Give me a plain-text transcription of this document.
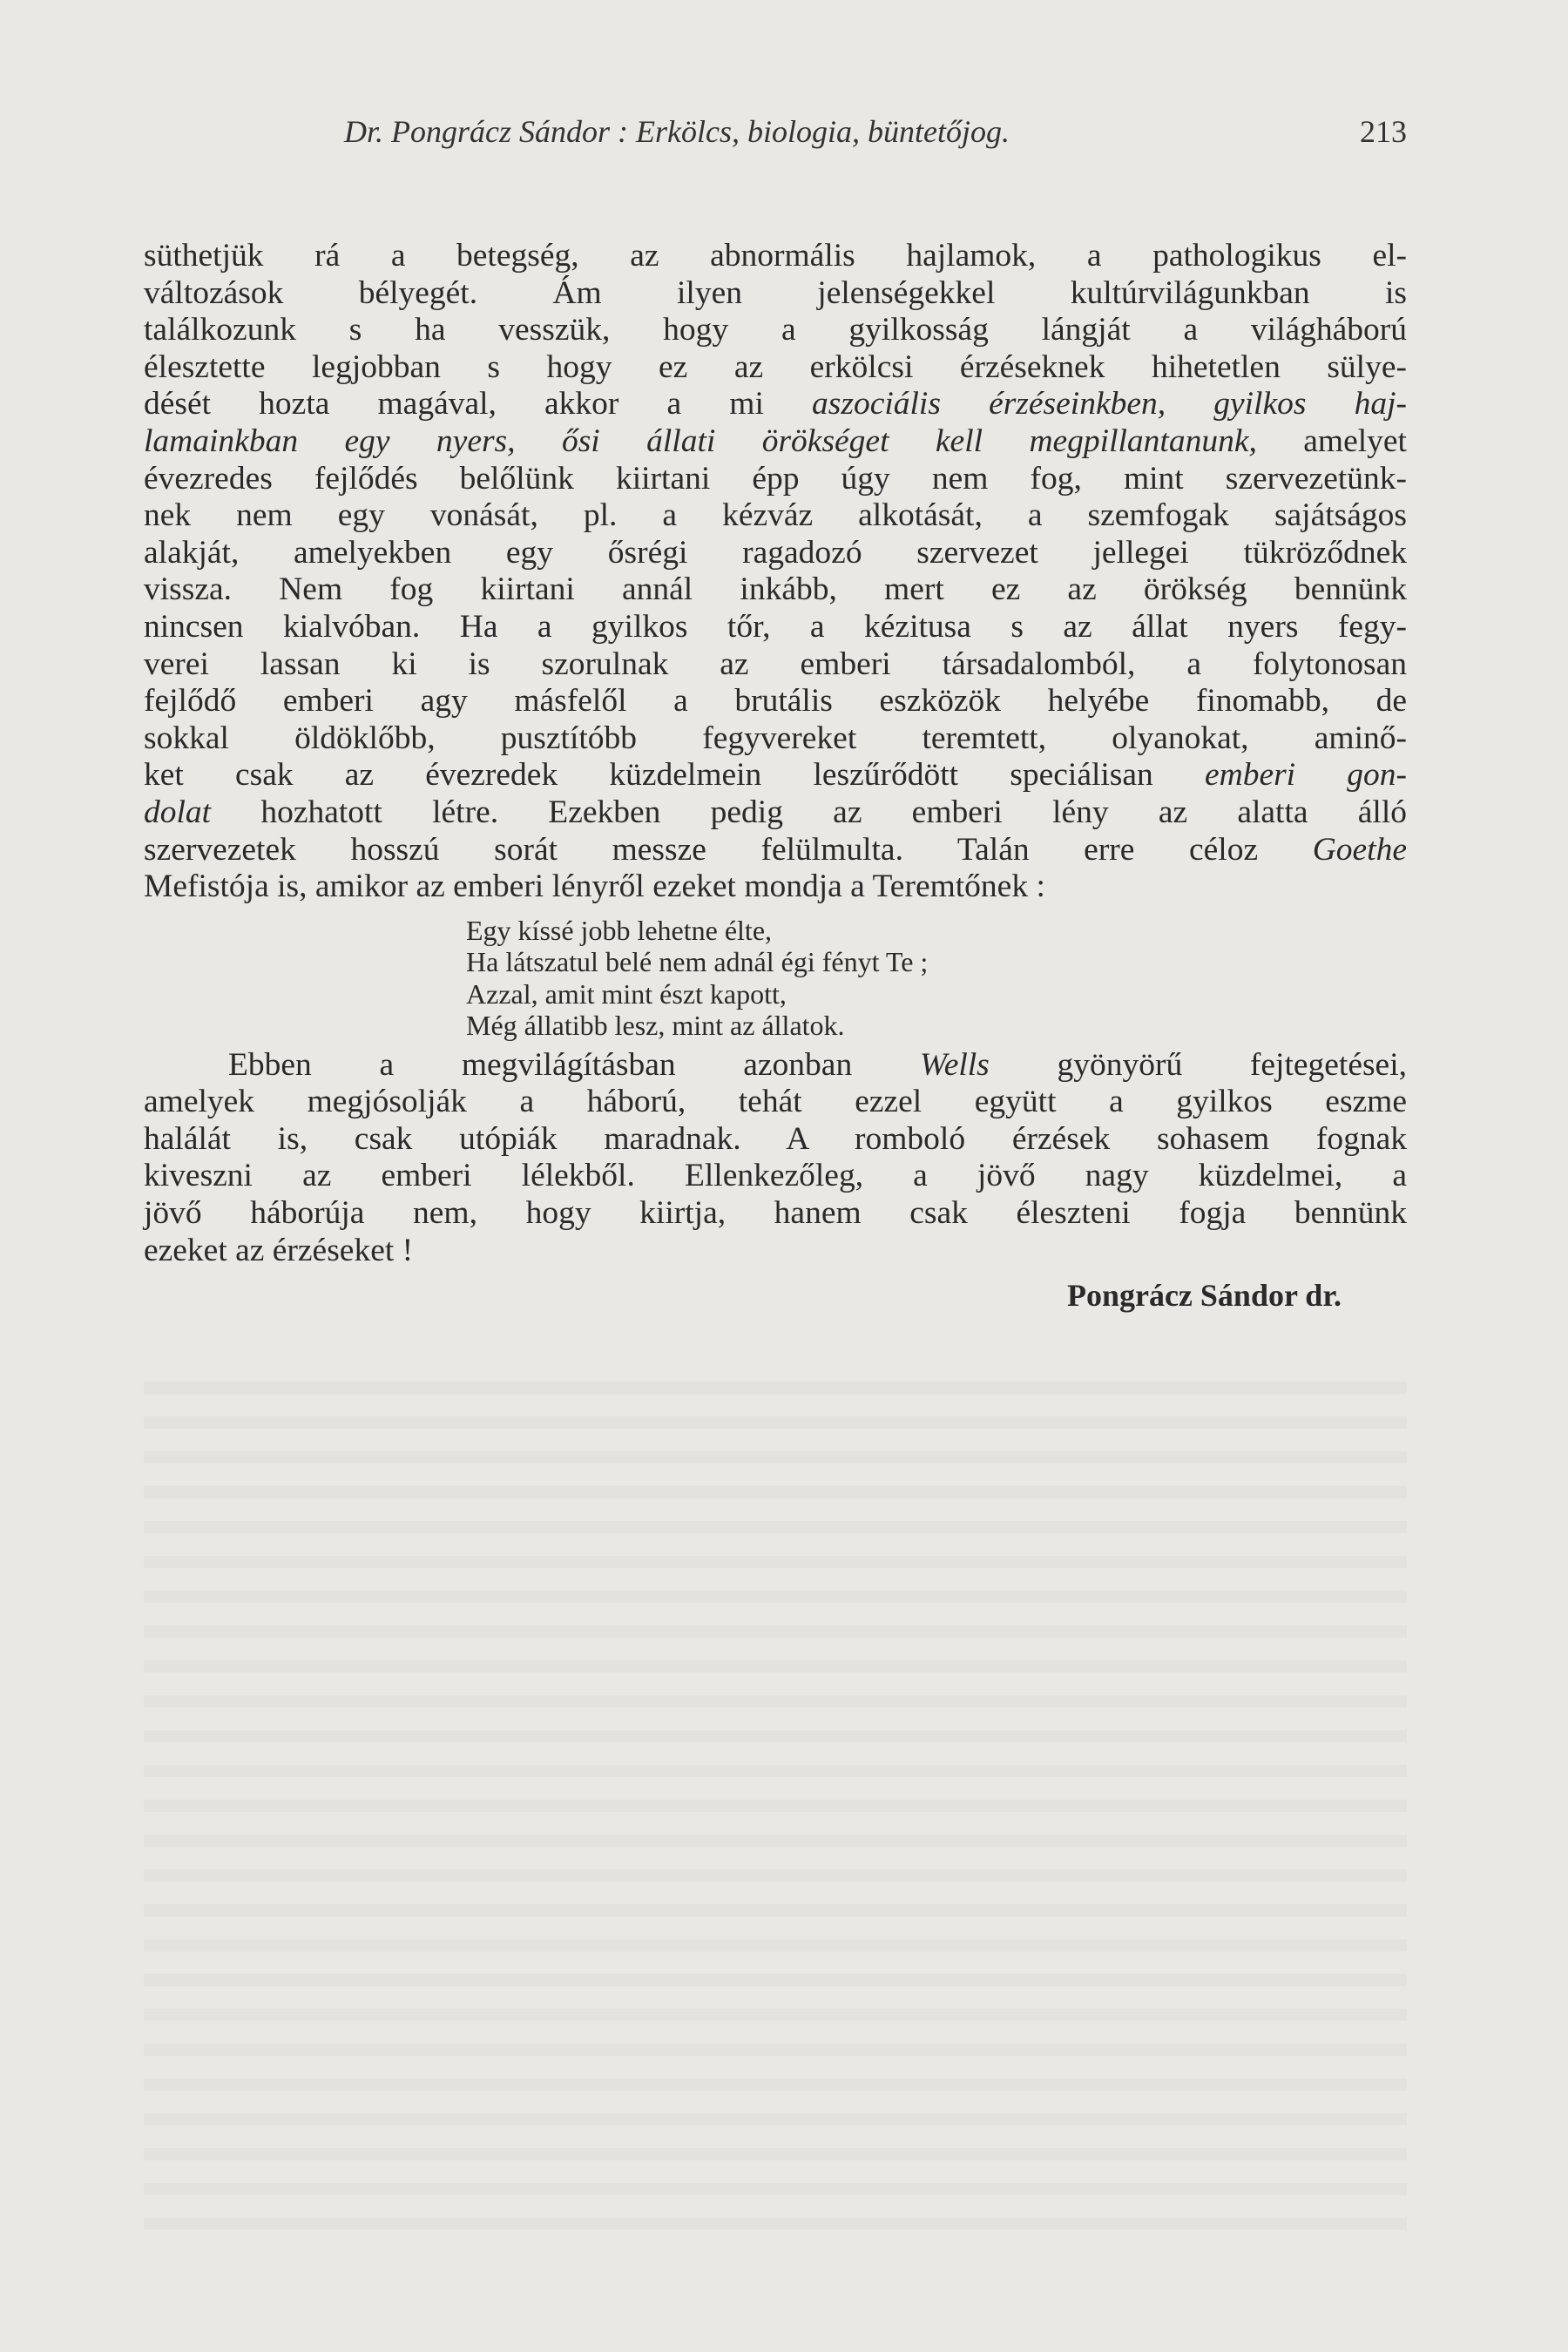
Dr. Pongrácz Sándor : Erkölcs, biologia, büntetőjog.	213

süthetjük rá a betegség, az abnormális hajlamok, a pathologikus el-
változások bélyegét. Ám ilyen jelenségekkel kultúrvilágunkban is
találkozunk s ha vesszük, hogy a gyilkosság lángját a világháború
élesztette legjobban s hogy ez az erkölcsi érzéseknek hihetetlen sülye-
dését hozta magával, akkor a mi aszociális érzéseinkben, gyilkos haj-
lamainkban egy nyers, ősi állati örökséget kell megpillantanunk, amelyet
évezredes fejlődés belőlünk kiirtani épp úgy nem fog, mint szervezetünk-
nek nem egy vonását, pl. a kézváz alkotását, a szemfogak sajátságos
alakját, amelyekben egy ősrégi ragadozó szervezet jellegei tükröződnek
vissza. Nem fog kiirtani annál inkább, mert ez az örökség bennünk
nincsen kialvóban. Ha a gyilkos tőr, a kézitusa s az állat nyers fegy-
verei lassan ki is szorulnak az emberi társadalomból, a folytonosan
fejlődő emberi agy másfelől a brutális eszközök helyébe finomabb, de
sokkal öldöklőbb, pusztítóbb fegyvereket teremtett, olyanokat, aminő-
ket csak az évezredek küzdelmein leszűrődött speciálisan emberi gon-
dolat hozhatott létre. Ezekben pedig az emberi lény az alatta álló
szervezetek hosszú sorát messze felülmulta. Talán erre céloz Goethe
Mefistója is, amikor az emberi lényről ezeket mondja a Teremtőnek :

Egy kíssé jobb lehetne élte,
Ha látszatul belé nem adnál égi fényt Te ;
Azzal, amit mint észt kapott,
Még állatibb lesz, mint az állatok.

Ebben a megvilágításban azonban Wells gyönyörű fejtegetései,
amelyek megjósolják a háború, tehát ezzel együtt a gyilkos eszme
halálát is, csak utópiák maradnak. A romboló érzések sohasem fognak
kiveszni az emberi lélekből. Ellenkezőleg, a jövő nagy küzdelmei, a
jövő háborúja nem, hogy kiirtja, hanem csak éleszteni fogja bennünk
ezeket az érzéseket !

Pongrácz Sándor dr.
